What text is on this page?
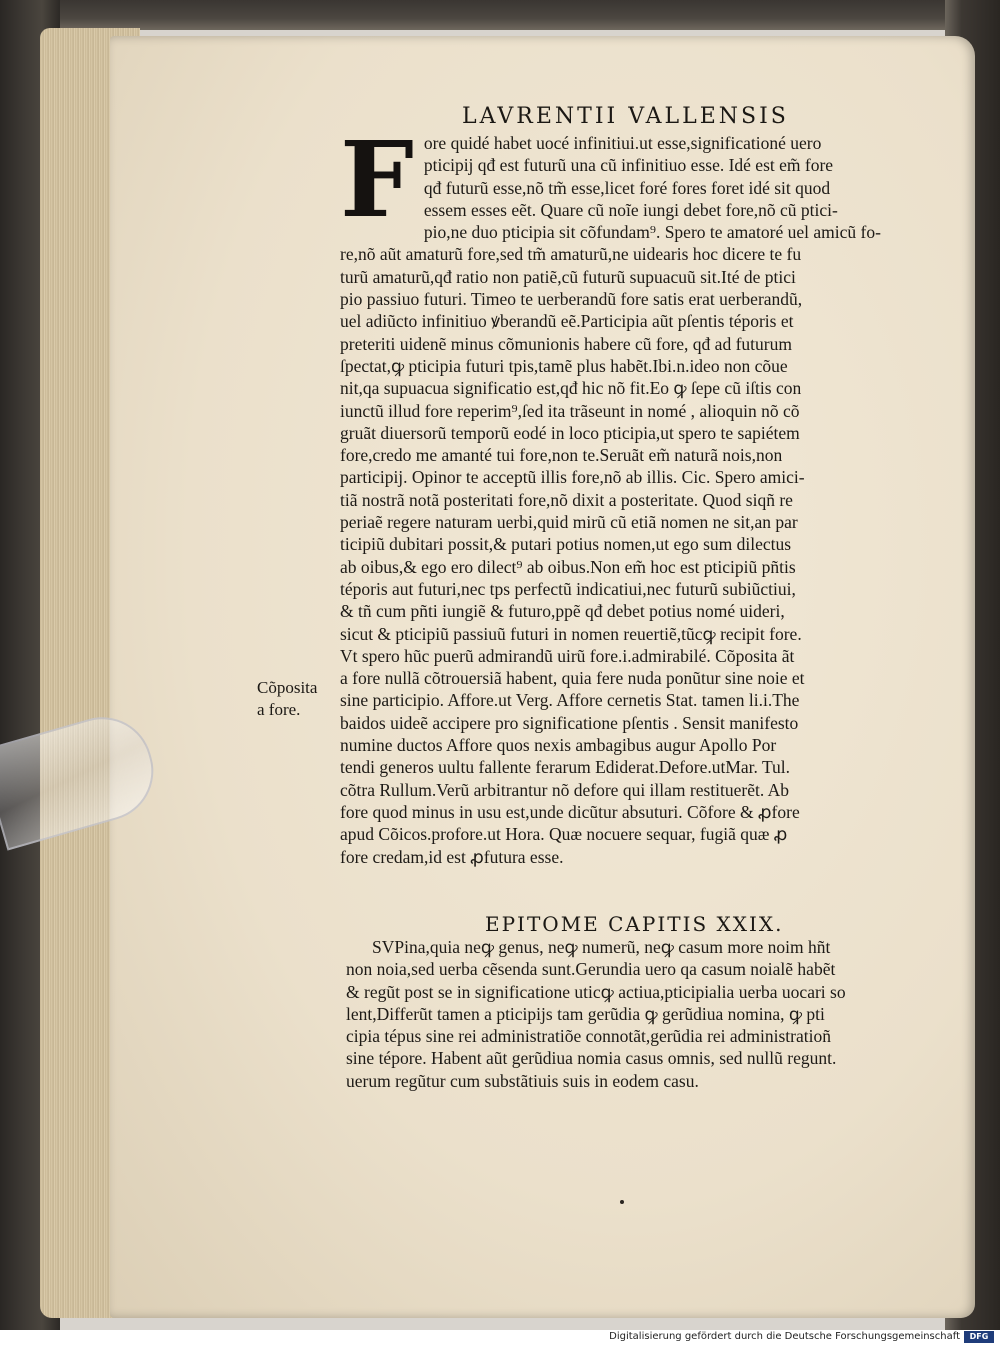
LAVRENTII VALLENSIS
F ore quidé habet uocé infinitiui.ut esse,significationé uero
pticipij qđ est futurũ una cũ infinitiuo esse. Idé est em̃ fore
qđ futurũ esse,nõ tm̃ esse,licet foré fores foret idé sit quod
essem esses eẽt. Quare cũ noĩe iungi debet fore,nõ cũ ptici-
pio,ne duo pticipia sit cõfundam⁹. Spero te amatoré uel amicũ fo-
re,nõ aũt amaturũ fore,sed tm̃ amaturũ,ne uidearis hoc dicere te fu
turũ amaturũ,qđ ratio non patiẽ,cũ futurũ supuacuũ sit.Ité de ptici
pio passiuo futuri. Timeo te uerberandũ fore satis erat uerberandũ,
uel adiũcto infinitiuo ꝟberandũ eẽ.Participia aũt pſentis téporis et
preteriti uidenẽ minus cõmunionis habere cũ fore, qđ ad futurum
ſpectat,ꝙ pticipia futuri tpis,tamẽ plus habẽt.Ibi.n.ideo non cõue
nit,qa supuacua significatio est,qđ hic nõ fit.Eo ꝙ ſepe cũ iſtis con
iunctũ illud fore reperim⁹,ſed ita trãseunt in nomé , alioquin nõ cõ
gruãt diuersorũ temporũ eodé in loco pticipia,ut spero te sapiétem
fore,credo me amanté tui fore,non te.Seruãt em̃ naturã nois,non
participij. Opinor te acceptũ illis fore,nõ ab illis. Cic. Spero amici-
tiã nostrã notã posteritati fore,nõ dixit a posteritate. Quod siqñ re
periaẽ regere naturam uerbi,quid mirũ cũ etiã nomen ne sit,an par
ticipiũ dubitari possit,& putari potius nomen,ut ego sum dilectus
ab oibus,& ego ero dilect⁹ ab oibus.Non em̃ hoc est pticipiũ pñtis
téporis aut futuri,nec tps perfectũ indicatiui,nec futurũ subiũctiui,
& tñ cum pñti iungiẽ & futuro,ppẽ qđ debet potius nomé uideri,
sicut & pticipiũ passiuũ futuri in nomen reuertiẽ,tũcꝙ recipit fore.
Vt spero hũc puerũ admirandũ uirũ fore.i.admirabilé. Cõposita ãt
a fore nullã cõtrouersiã habent, quia fere nuda ponũtur sine noie et
sine participio. Affore.ut Verg. Affore cernetis Stat. tamen li.i.The
baidos uideẽ accipere pro significatione pſentis . Sensit manifesto
numine ductos Affore quos nexis ambagibus augur Apollo Por
tendi generos uultu fallente ferarum Ediderat.Defore.utMar. Tul.
cõtra Rullum.Verũ arbitrantur nõ defore qui illam restituerẽt. Ab
fore quod minus in usu est,unde dicũtur absuturi. Cõfore & ꝓfore
apud Cõicos.profore.ut Hora. Quæ nocuere sequar, fugiã quæ ꝓ
fore credam,id est ꝓfutura esse.
Cõposita
a fore.
EPITOME CAPITIS XXIX.
SVPina,quia neꝙ genus, neꝙ numerũ, neꝙ casum more noim hñt
non noia,sed uerba cẽsenda sunt.Gerundia uero qa casum noialẽ habẽt
& regũt post se in significatione uticꝙ actiua,pticipialia uerba uocari so
lent,Differũt tamen a pticipijs tam gerũdia ꝙ gerũdiua nomina, ꝙ pti
cipia tépus sine rei administratiõe connotãt,gerũdia rei administratioñ
sine tépore. Habent aũt gerũdiua nomia casus omnis, sed nullũ regunt.
uerum regũtur cum substãtiuis suis in eodem casu.
Digitalisierung gefördert durch die Deutsche Forschungsgemeinschaft	DFG
